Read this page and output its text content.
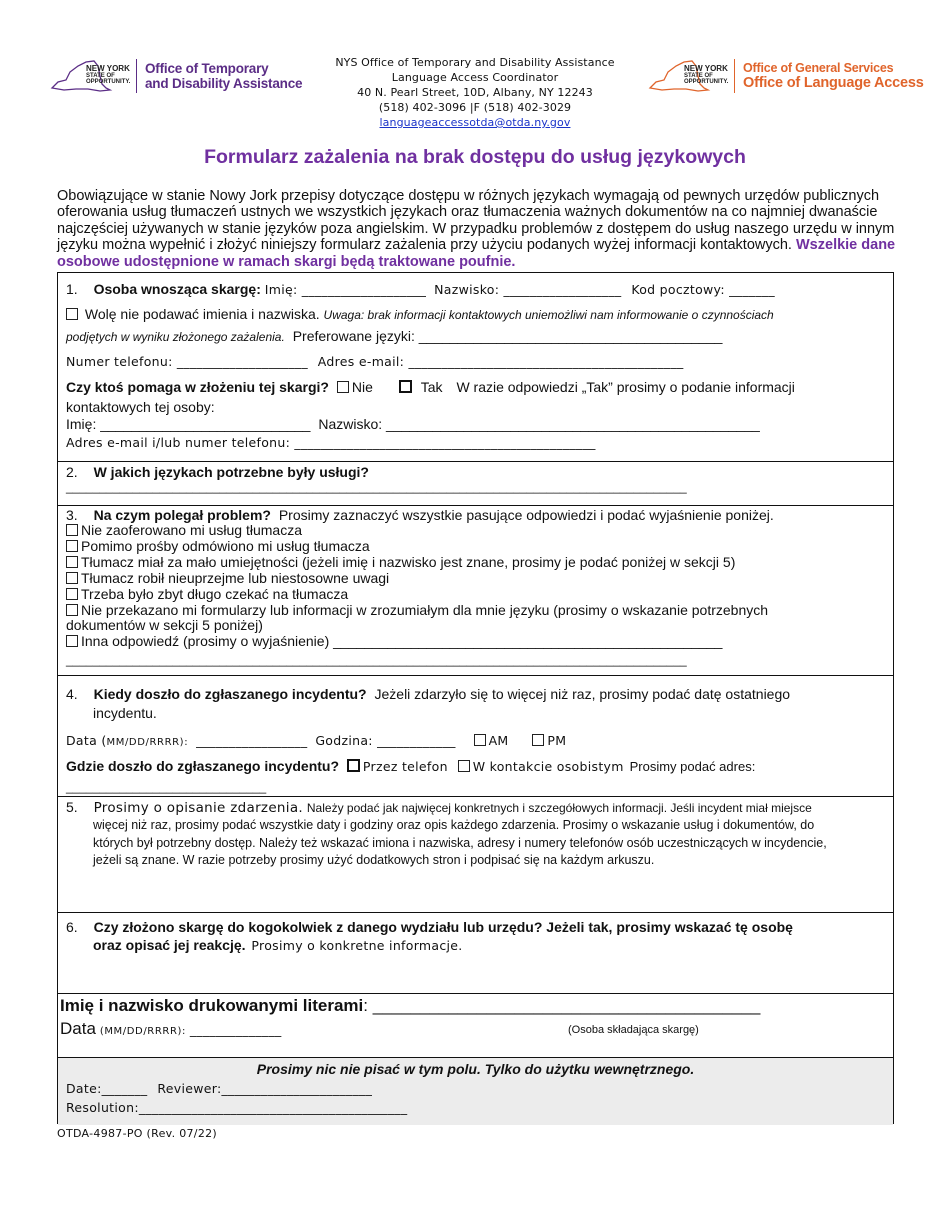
NEW YORK
STATE OF
OPPORTUNITY.
Office of Temporary
and Disability Assistance
NEW YORK
STATE OF
OPPORTUNITY.
Office of General Services
Office of Language Access
NYS Office of Temporary and Disability Assistance
Language Access Coordinator
40 N. Pearl Street, 10D, Albany, NY 12243
(518) 402-3096 |F (518) 402-3029
languageaccessotda@otda.ny.gov
Formularz zażalenia na brak dostępu do usług językowych
Obowiązujące w stanie Nowy Jork przepisy dotyczące dostępu w różnych językach wymagają od pewnych urzędów publicznych oferowania usług tłumaczeń ustnych we wszystkich językach oraz tłumaczenia ważnych dokumentów na co najmniej dwanaście najczęściej używanych w stanie języków poza angielskim. W przypadku problemów z dostępem do usług naszego urzędu w innym języku można wypełnić i złożyć niniejszy formularz zażalenia przy użyciu podanych wyżej informacji kontaktowych. Wszelkie dane osobowe udostępnione w ramach skargi będą traktowane poufnie.
1. Osoba wnosząca skargę: Imię: ___________________ Nazwisko: __________________ Kod pocztowy: _______
Wolę nie podawać imienia i nazwiska. Uwaga: brak informacji kontaktowych uniemożliwi nam informowanie o czynnościach
podjętych w wyniku złożonego zażalenia. Preferowane języki: _______________________________________
Numer telefonu: ____________________ Adres e-mail: __________________________________________
Czy ktoś pomaga w złożeniu tej skargi? Nie	Tak W razie odpowiedzi „Tak” prosimy o podanie informacji
kontaktowych tej osoby:
Imię: ___________________________ Nazwisko: ________________________________________________
Adres e-mail i/lub numer telefonu: ______________________________________________
2. W jakich językach potrzebne były usługi?
_____________________________________________________________________________________________
3. Na czym polegał problem? Prosimy zaznaczyć wszystkie pasujące odpowiedzi i podać wyjaśnienie poniżej.
Nie zaoferowano mi usług tłumacza
Pomimo prośby odmówiono mi usług tłumacza
Tłumacz miał za mało umiejętności (jeżeli imię i nazwisko jest znane, prosimy je podać poniżej w sekcji 5)
Tłumacz robił nieuprzejme lub niestosowne uwagi
Trzeba było zbyt długo czekać na tłumacza
Nie przekazano mi formularzy lub informacji w zrozumiałym dla mnie języku (prosimy o wskazanie potrzebnych
dokumentów w sekcji 5 poniżej)
Inna odpowiedź (prosimy o wyjaśnienie) __________________________________________________
_____________________________________________________________________________________________
4. Kiedy doszło do zgłaszanego incydentu? Jeżeli zdarzyło się to więcej niż raz, prosimy podać datę ostatniego
incydentu.
Data (MM/DD/RRRR): _________________ Godzina: ____________	AM	PM
Gdzie doszło do zgłaszanego incydentu? Przez telefon W kontakcie osobistym Prosimy podać adres:
______________________________
5. Prosimy o opisanie zdarzenia. Należy podać jak najwięcej konkretnych i szczegółowych informacji. Jeśli incydent miał miejsce
więcej niż raz, prosimy podać wszystkie daty i godziny oraz opis każdego zdarzenia. Prosimy o wskazanie usług i dokumentów, do
których był potrzebny dostęp. Należy też wskazać imiona i nazwiska, adresy i numery telefonów osób uczestniczących w incydencie,
jeżeli są znane. W razie potrzeby prosimy użyć dodatkowych stron i podpisać się na każdym arkuszu.
6. Czy złożono skargę do kogokolwiek z danego wydziału lub urzędu? Jeżeli tak, prosimy wskazać tę osobę
oraz opisać jej reakcję. Prosimy o konkretne informacje.
Imię i nazwisko drukowanymi literami: _________________________________________
Data (MM/DD/RRRR): ______________	(Osoba składająca skargę)
Prosimy nic nie pisać w tym polu. Tylko do użytku wewnętrznego.
Date:_______ Reviewer:_______________________
Resolution:_________________________________________
OTDA-4987-PO (Rev. 07/22)
